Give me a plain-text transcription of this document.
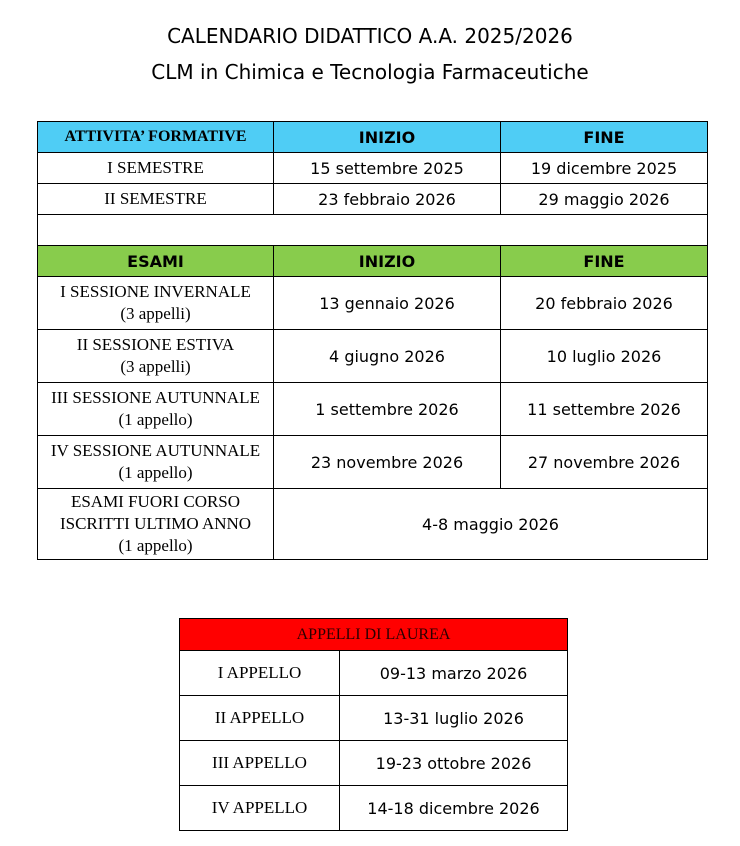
CALENDARIO DIDATTICO A.A. 2025/2026
CLM in Chimica e Tecnologia Farmaceutiche
ATTIVITA’ FORMATIVE	INIZIO	FINE
I SEMESTRE	15 settembre 2025	19 dicembre 2025
II SEMESTRE	23 febbraio 2026	29 maggio 2026

ESAMI	INIZIO	FINE

I SESSIONE INVERNALE
(3 appelli)	13 gennaio 2026	20 febbraio 2026

II SESSIONE ESTIVA
(3 appelli)	4 giugno 2026	10 luglio 2026

III SESSIONE AUTUNNALE
(1 appello)	1 settembre 2026	11 settembre 2026

IV SESSIONE AUTUNNALE
(1 appello)	23 novembre 2026	27 novembre 2026

ESAMI FUORI CORSO
ISCRITTI ULTIMO ANNO
(1 appello)	4-8 maggio 2026	
APPELLI DI LAUREA	
I APPELLO	09-13 marzo 2026
II APPELLO	13-31 luglio 2026
III APPELLO	19-23 ottobre 2026
IV APPELLO	14-18 dicembre 2026
